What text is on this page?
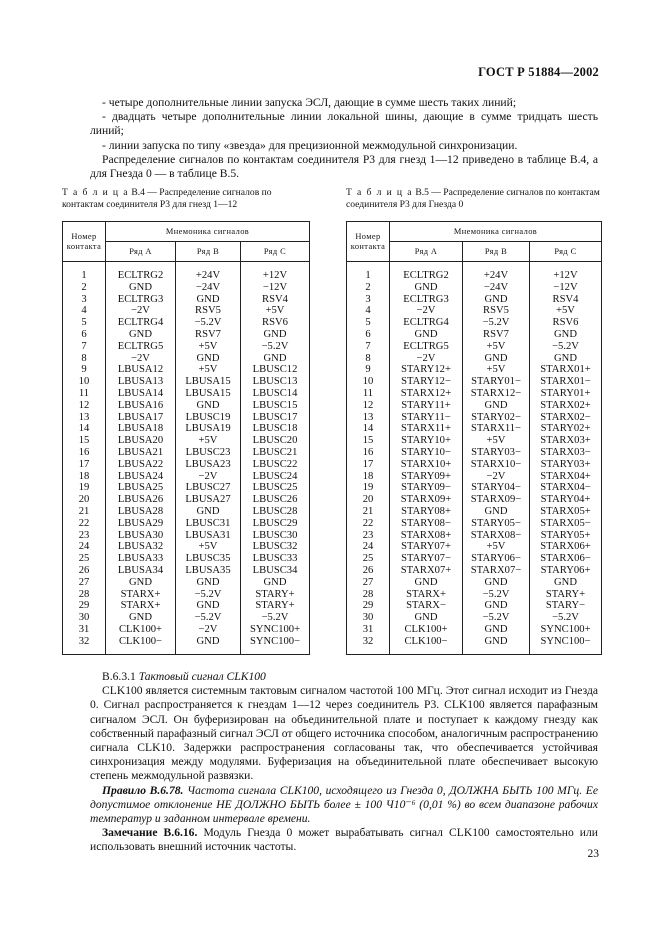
ГОСТ Р 51884—2002

- четыре дополнительные линии запуска ЭСЛ, дающие в сумме шесть таких линий;

- двадцать четыре дополнительные линии локальной шины, дающие в сумме тридцать шесть линий;

- линии запуска по типу «звезда» для прецизионной межмодульной синхронизации.

Распределение сигналов по контактам соединителя Р3 для гнезд 1—12 приведено в таблице В.4, а для Гнезда 0 — в таблице В.5.

Т а б л и ц а В.4 — Распределение сигналов по контактам соединителя Р3 для гнезд 1—12
Т а б л и ц а В.5 — Распределение сигналов по контактам соединителя Р3 для Гнезда 0
Номер контакта	Мнемоника сигналов		
	Ряд А	Ряд В	Ряд С
1	ECLTRG2	+24V	+12V
2	GND	−24V	−12V
3	ECLTRG3	GND	RSV4
4	−2V	RSV5	+5V
5	ECLTRG4	−5.2V	RSV6
6	GND	RSV7	GND
7	ECLTRG5	+5V	−5.2V
8	−2V	GND	GND
9	LBUSA12	+5V	LBUSC12
10	LBUSA13	LBUSA15	LBUSC13
11	LBUSA14	LBUSA15	LBUSC14
12	LBUSA16	GND	LBUSC15
13	LBUSA17	LBUSC19	LBUSC17
14	LBUSA18	LBUSA19	LBUSC18
15	LBUSA20	+5V	LBUSC20
16	LBUSA21	LBUSC23	LBUSC21
17	LBUSA22	LBUSA23	LBUSC22
18	LBUSA24	−2V	LBUSC24
19	LBUSA25	LBUSC27	LBUSC25
20	LBUSA26	LBUSA27	LBUSC26
21	LBUSA28	GND	LBUSC28
22	LBUSA29	LBUSC31	LBUSC29
23	LBUSA30	LBUSA31	LBUSC30
24	LBUSA32	+5V	LBUSC32
25	LBUSA33	LBUSC35	LBUSC33
26	LBUSA34	LBUSA35	LBUSC34
27	GND	GND	GND
28	STARX+	−5.2V	STARY+
29	STARX+	GND	STARY+
30	GND	−5.2V	−5.2V
31	CLK100+	−2V	SYNC100+
32	CLK100−	GND	SYNC100−
Номер контакта	Мнемоника сигналов		
	Ряд А	Ряд В	Ряд С
1	ECLTRG2	+24V	+12V
2	GND	−24V	−12V
3	ECLTRG3	GND	RSV4
4	−2V	RSV5	+5V
5	ECLTRG4	−5.2V	RSV6
6	GND	RSV7	GND
7	ECLTRG5	+5V	−5.2V
8	−2V	GND	GND
9	STARY12+	+5V	STARX01+
10	STARY12−	STARY01−	STARX01−
11	STARX12+	STARX12−	STARY01+
12	STARY11+	GND	STARX02+
13	STARY11−	STARY02−	STARX02−
14	STARX11+	STARX11−	STARY02+
15	STARY10+	+5V	STARX03+
16	STARY10−	STARY03−	STARX03−
17	STARX10+	STARX10−	STARY03+
18	STARY09+	−2V	STARX04+
19	STARY09−	STARY04−	STARX04−
20	STARX09+	STARX09−	STARY04+
21	STARY08+	GND	STARX05+
22	STARY08−	STARY05−	STARX05−
23	STARX08+	STARX08−	STARY05+
24	STARY07+	+5V	STARX06+
25	STARY07−	STARY06−	STARX06−
26	STARX07+	STARX07−	STARY06+
27	GND	GND	GND
28	STARX+	−5.2V	STARY+
29	STARX−	GND	STARY−
30	GND	−5.2V	−5.2V
31	CLK100+	GND	SYNC100+
32	CLK100−	GND	SYNC100−

В.6.3.1 Тактовый сигнал CLK100

CLK100 является системным тактовым сигналом частотой 100 МГц. Этот сигнал исходит из Гнезда 0. Сигнал распространяется к гнездам 1—12 через соединитель Р3. CLK100 является парафазным сигналом ЭСЛ. Он буферизирован на объединительной плате и поступает к каждому гнезду как собственный парафазный сигнал ЭСЛ от общего источника способом, аналогичным распространению сигнала CLK10. Задержки распространения согласованы так, что обеспечивается устойчивая синхронизация между модулями. Буферизация на объединительной плате обеспечивает высокую степень межмодульной развязки.

Правило В.6.78. Частота сигнала CLK100, исходящего из Гнезда 0, ДОЛЖНА БЫТЬ 100 МГц. Ее допустимое отклонение НЕ ДОЛЖНО БЫТЬ более ± 100 Ч10⁻⁶ (0,01 %) во всем диапазоне рабочих температур и заданном интервале времени.

Замечание В.6.16. Модуль Гнезда 0 может вырабатывать сигнал CLK100 самостоятельно или использовать внешний источник частоты.

23
